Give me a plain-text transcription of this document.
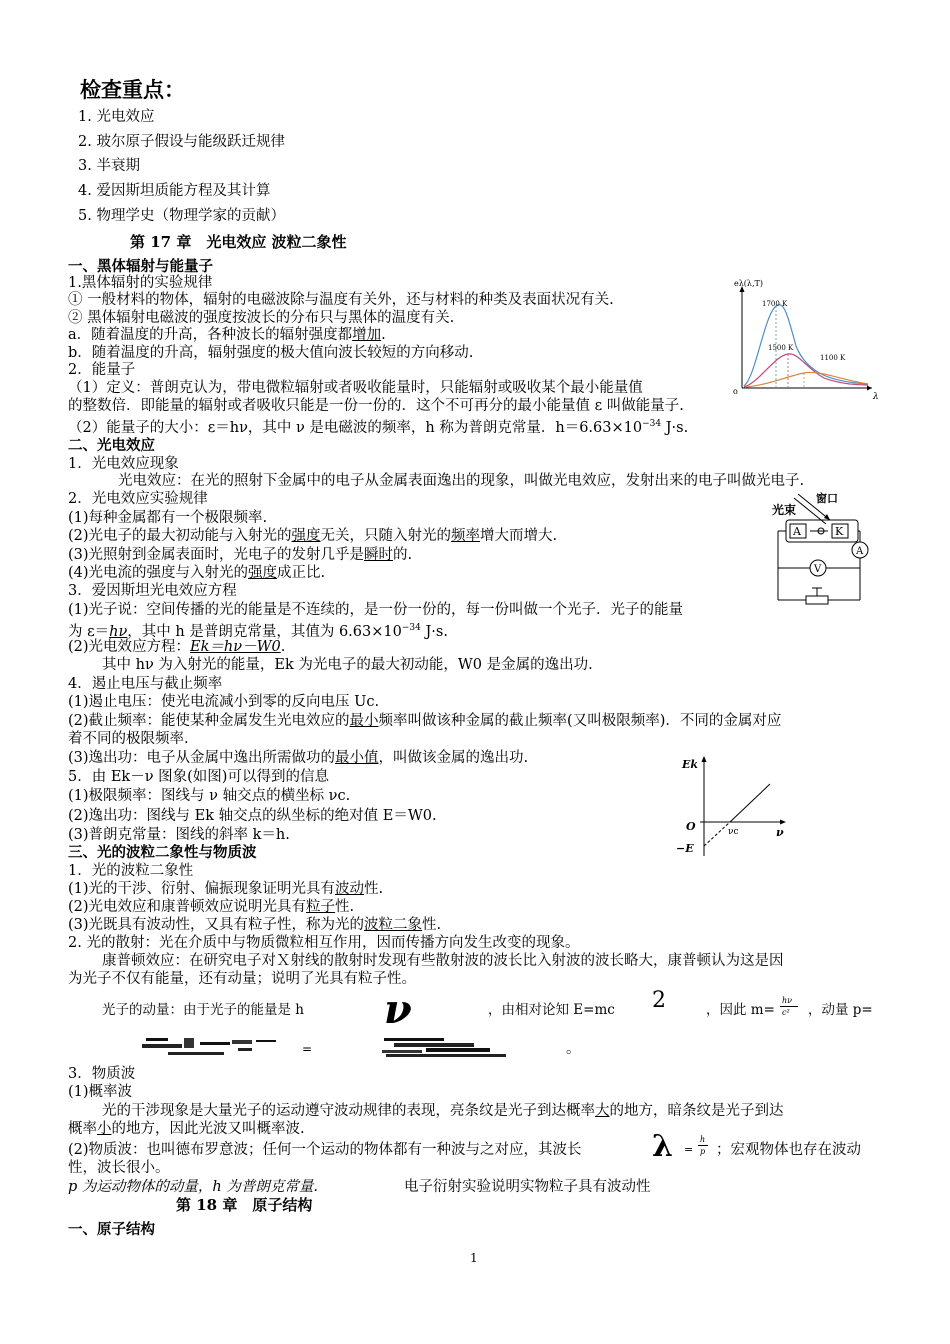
检查重点：
1. 光电效应
2. 玻尔原子假设与能级跃迁规律
3. 半衰期
4. 爱因斯坦质能方程及其计算
5. 物理学史（物理学家的贡献）
第 17 章　光电效应 波粒二象性
一、黑体辐射与能量子
1.黑体辐射的实验规律
① 一般材料的物体，辐射的电磁波除与温度有关外，还与材料的种类及表面状况有关.
② 黑体辐射电磁波的强度按波长的分布只与黑体的温度有关.
a．随着温度的升高，各种波长的辐射强度都增加.
b．随着温度的升高，辐射强度的极大值向波长较短的方向移动.
2．能量子
（1）定义：普朗克认为，带电微粒辐射或者吸收能量时，只能辐射或吸收某个最小能量值
的整数倍．即能量的辐射或者吸收只能是一份一份的．这个不可再分的最小能量值 ε 叫做能量子.
（2）能量子的大小：ε＝hν，其中 ν 是电磁波的频率，h 称为普朗克常量．$h=6.63\times 10^{-34}$ J·s.
eλ(λ,T)
λ
o
1700 K
1500 K
1100 K
二、光电效应
1．光电效应现象
光电效应：在光的照射下金属中的电子从金属表面逸出的现象，叫做光电效应，发射出来的电子叫做光电子.
2．光电效应实验规律
(1)每种金属都有一个极限频率.
(2)光电子的最大初动能与入射光的强度无关，只随入射光的频率增大而增大.
(3)光照射到金属表面时，光电子的发射几乎是瞬时的.
(4)光电流的强度与入射光的强度成正比.
3．爱因斯坦光电效应方程
(1)光子说：空间传播的光的能量是不连续的，是一份一份的，每一份叫做一个光子．光子的能量
为 ε＝hν，其中 h 是普朗克常量，其值为 $6.63\times 10^{-34}$ J·s.
(2)光电效应方程：Ek＝hν－W0.
其中 hν 为入射光的能量，Ek 为光电子的最大初动能，W0 是金属的逸出功.
4．遏止电压与截止频率
(1)遏止电压：使光电流减小到零的反向电压 Uc.
(2)截止频率：能使某种金属发生光电效应的最小频率叫做该种金属的截止频率(又叫极限频率)．不同的金属对应
着不同的极限频率.
(3)逸出功：电子从金属中逸出所需做功的最小值，叫做该金属的逸出功.
5．由 Ek－ν 图象(如图)可以得到的信息
(1)极限频率：图线与 ν 轴交点的横坐标 νc.
(2)逸出功：图线与 Ek 轴交点的纵坐标的绝对值 E＝W0.
(3)普朗克常量：图线的斜率 k＝h.
光束
窗口
A	K
A
V
Ek
ν
O	νc
−E
三、光的波粒二象性与物质波
1．光的波粒二象性
(1)光的干涉、衍射、偏振现象证明光具有波动性.
(2)光电效应和康普顿效应说明光具有粒子性.
(3)光既具有波动性，又具有粒子性，称为光的波粒二象性.
2. 光的散射：光在介质中与物质微粒相互作用，因而传播方向发生改变的现象。
康普顿效应：在研究电子对Ｘ射线的散射时发现有些散射波的波长比入射波的波长略大，康普顿认为这是因
为光子不仅有能量，还有动量；说明了光具有粒子性。
光子的动量：由于光子的能量是 h ν	，由相对论知 E=mc 2	，因此 m=
hν
c² ，动量 p=
=	。
3．物质波
(1)概率波
光的干涉现象是大量光子的运动遵守波动规律的表现，亮条纹是光子到达概率大的地方，暗条纹是光子到达
概率小的地方，因此光波又叫概率波.
(2)物质波：也叫德布罗意波；任何一个运动的物体都有一种波与之对应，其波长 λ =
h
p ；宏观物体也存在波动
性，波长很小。
p 为运动物体的动量，h 为普朗克常量.	电子衍射实验说明实物粒子具有波动性
第 18 章　原子结构
一、原子结构
1
